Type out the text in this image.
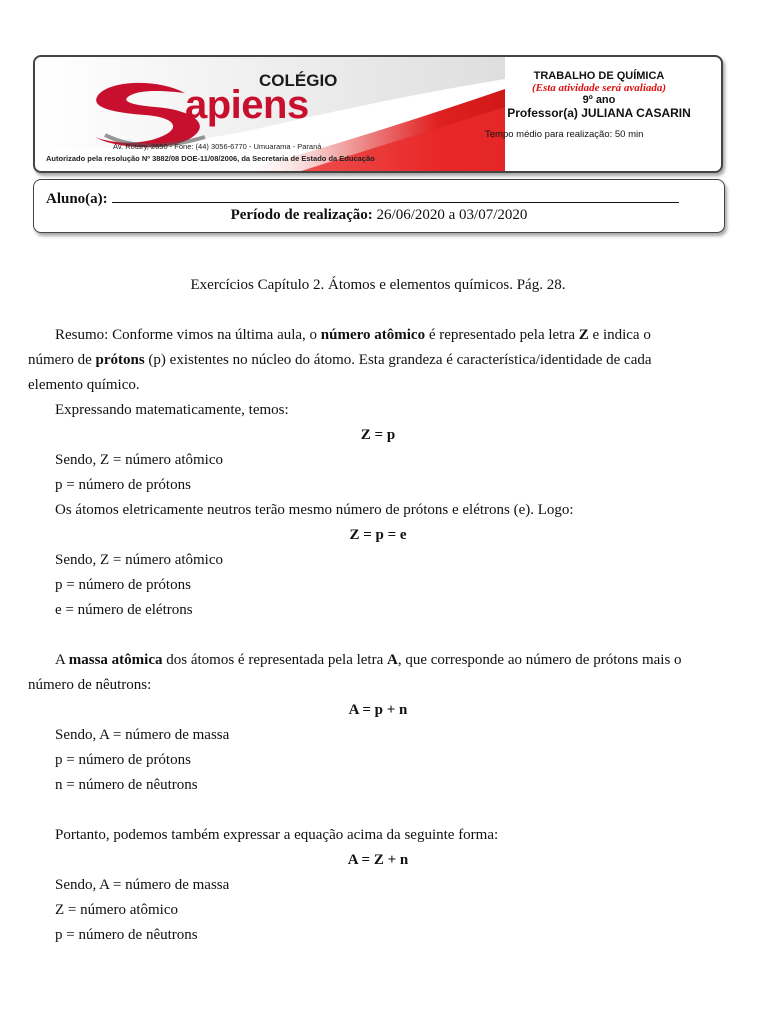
COLÉGIO
apiens
Av. Rotary, 2650 - Fone: (44) 3056-6770 - Umuarama - Paraná
Autorizado pela resolução Nº 3882/08 DOE-11/08/2006, da Secretaria de Estado da Educação
TRABALHO DE QUÍMICA
(Esta atividade será avaliada)
9º ano
Professor(a) JULIANA CASARIN
Tempo médio para realização: 50 min
Aluno(a):
Período de realização: 26/06/2020 a 03/07/2020
Exercícios Capítulo 2. Átomos e elementos químicos. Pág. 28.
Resumo: Conforme vimos na última aula, o número atômico é representado pela letra Z e indica o
número de prótons (p) existentes no núcleo do átomo. Esta grandeza é característica/identidade de cada
elemento químico.
Expressando matematicamente, temos:
Z = p
Sendo, Z = número atômico
p = número de prótons
Os átomos eletricamente neutros terão mesmo número de prótons e elétrons (e). Logo:
Z = p = e
Sendo, Z = número atômico
p = número de prótons
e = número de elétrons
A massa atômica dos átomos é representada pela letra A, que corresponde ao número de prótons mais o
número de nêutrons:
A = p + n
Sendo, A = número de massa
p = número de prótons
n = número de nêutrons
Portanto, podemos também expressar a equação acima da seguinte forma:
A = Z + n
Sendo, A = número de massa
Z = número atômico
p = número de nêutrons
